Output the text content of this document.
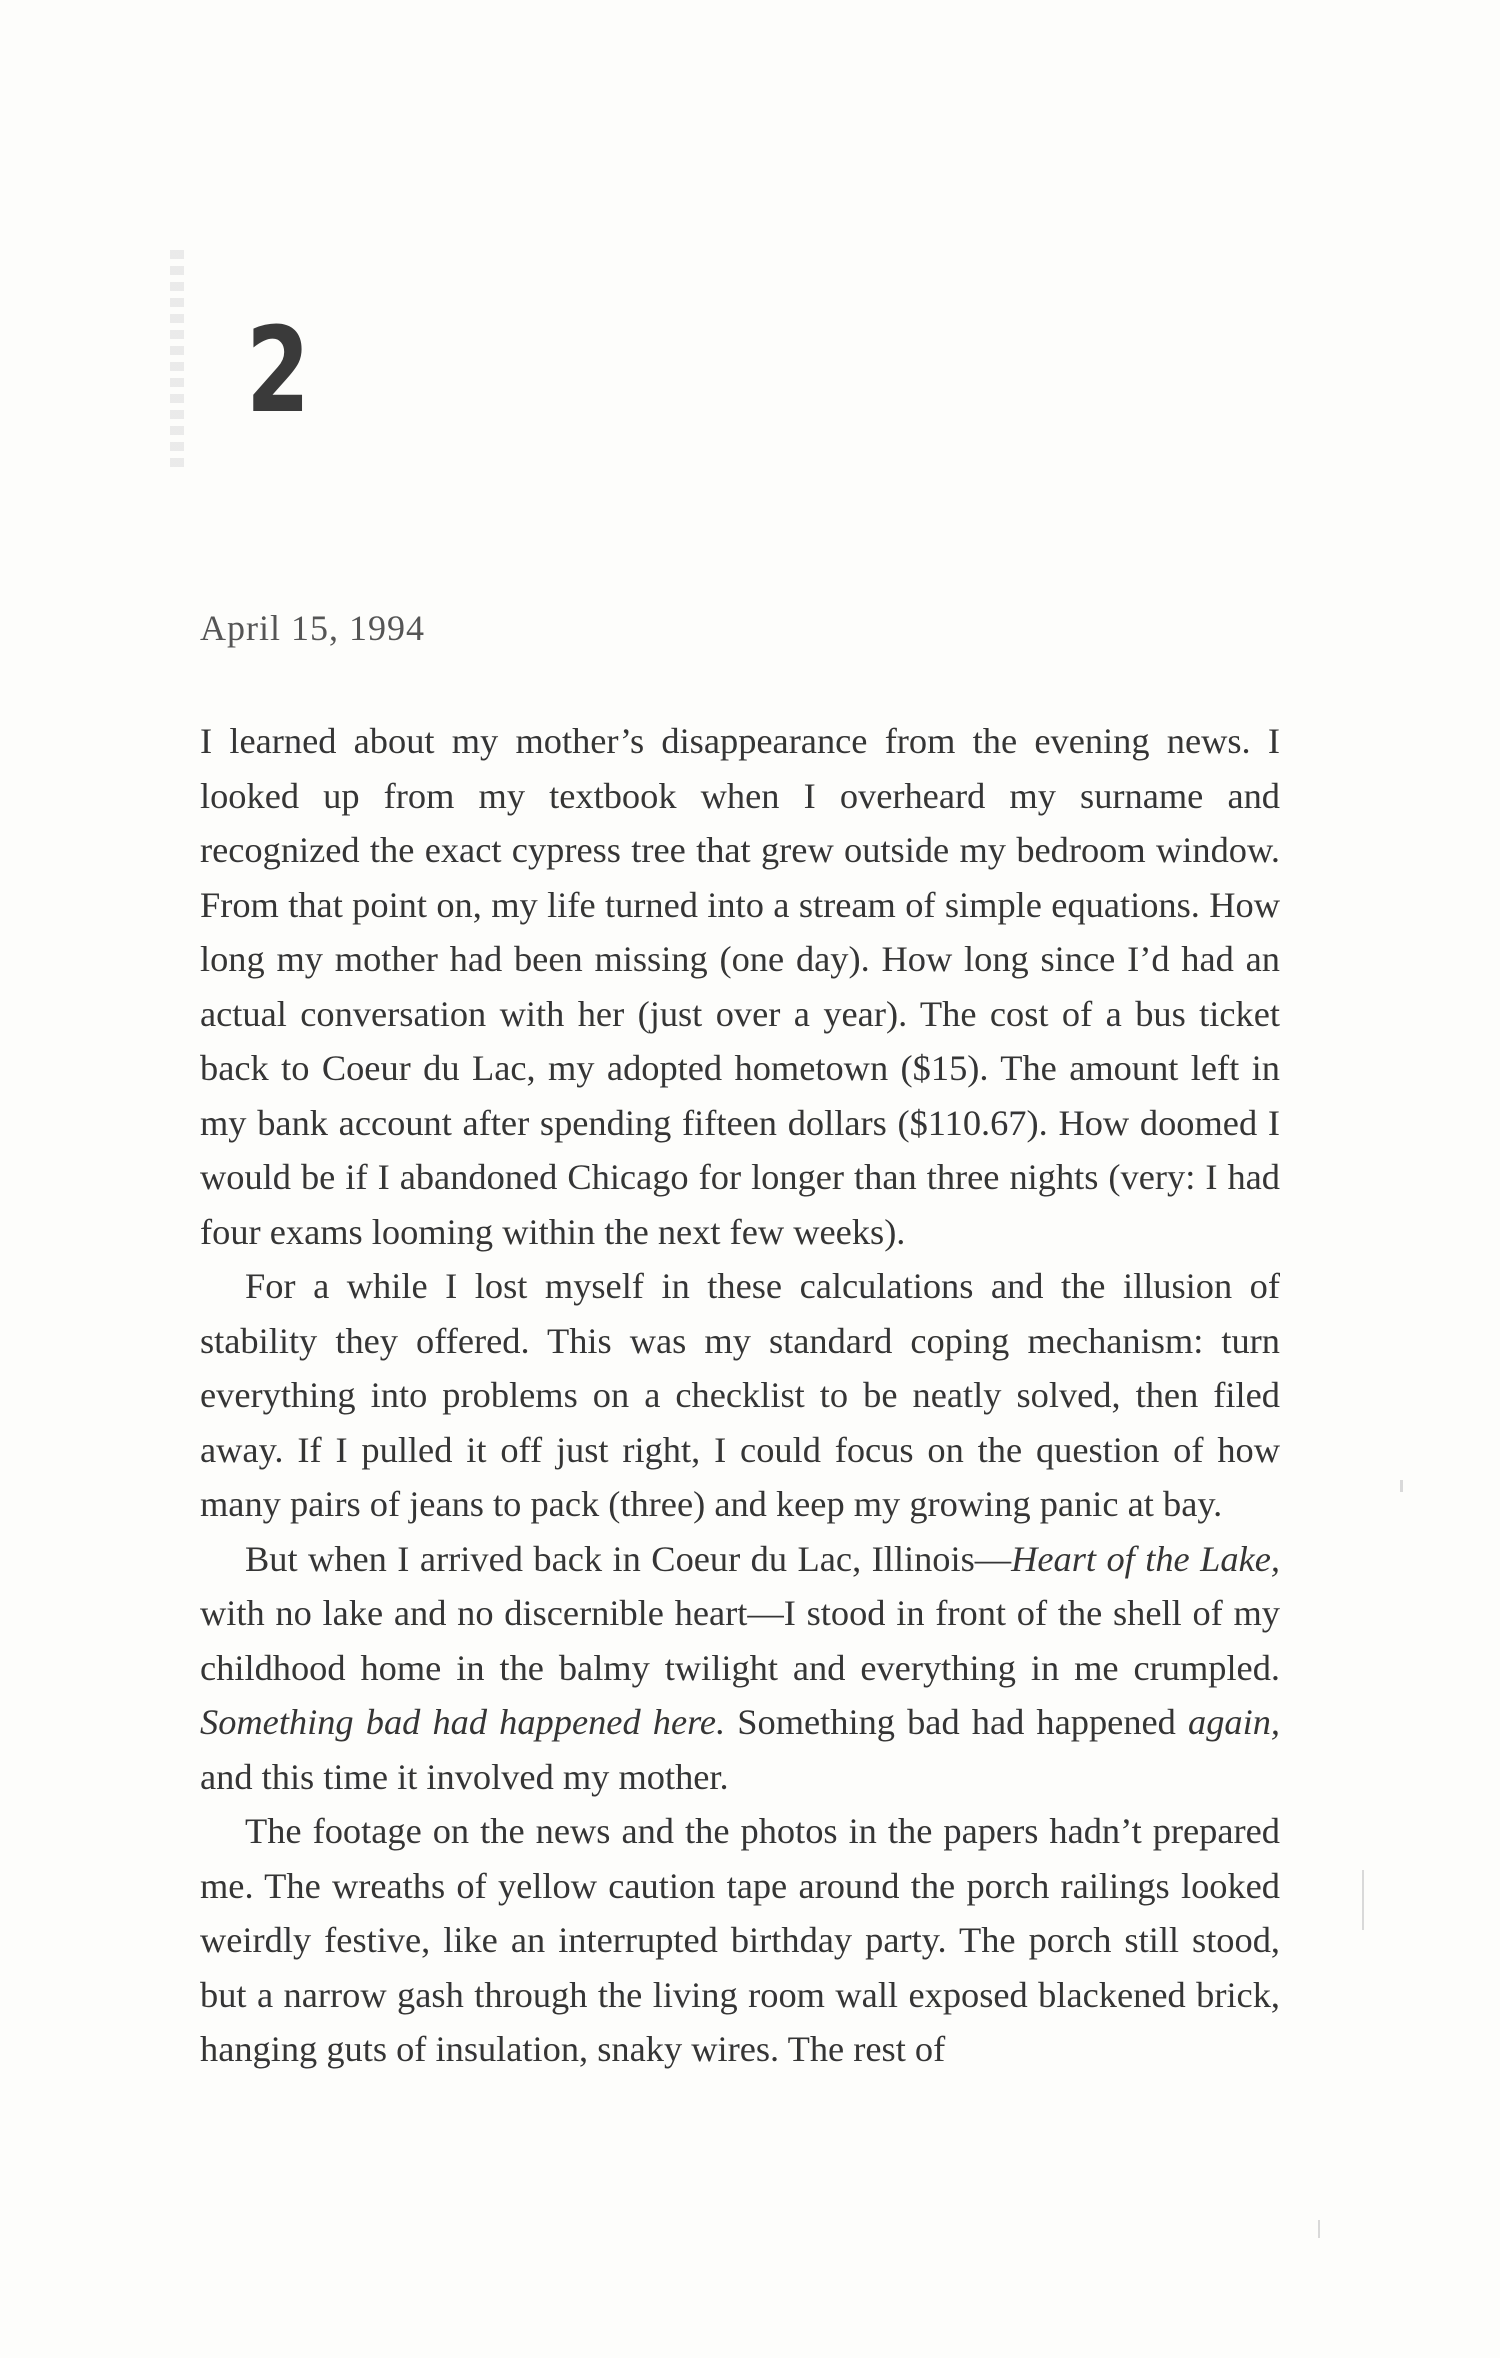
2
April 15, 1994

I learned about my mother’s disappearance from the evening news. I looked up from my textbook when I overheard my surname and recognized the exact cypress tree that grew outside my bedroom window. From that point on, my life turned into a stream of simple equations. How long my mother had been missing (one day). How long since I’d had an actual conversation with her (just over a year). The cost of a bus ticket back to Coeur du Lac, my adopted hometown ($15). The amount left in my bank account after spending fifteen dollars ($110.67). How doomed I would be if I abandoned Chicago for longer than three nights (very: I had four exams looming within the next few weeks).

For a while I lost myself in these calculations and the illusion of stability they offered. This was my standard coping mechanism: turn everything into problems on a checklist to be neatly solved, then filed away. If I pulled it off just right, I could focus on the question of how many pairs of jeans to pack (three) and keep my growing panic at bay.

But when I arrived back in Coeur du Lac, Illinois—Heart of the Lake, with no lake and no discernible heart—I stood in front of the shell of my childhood home in the balmy twilight and everything in me crumpled. Something bad had happened here. Something bad had happened again, and this time it involved my mother.

The footage on the news and the photos in the papers hadn’t prepared me. The wreaths of yellow caution tape around the porch railings looked weirdly festive, like an interrupted birthday party. The porch still stood, but a narrow gash through the living room wall exposed blackened brick, hanging guts of insulation, snaky wires. The rest of
